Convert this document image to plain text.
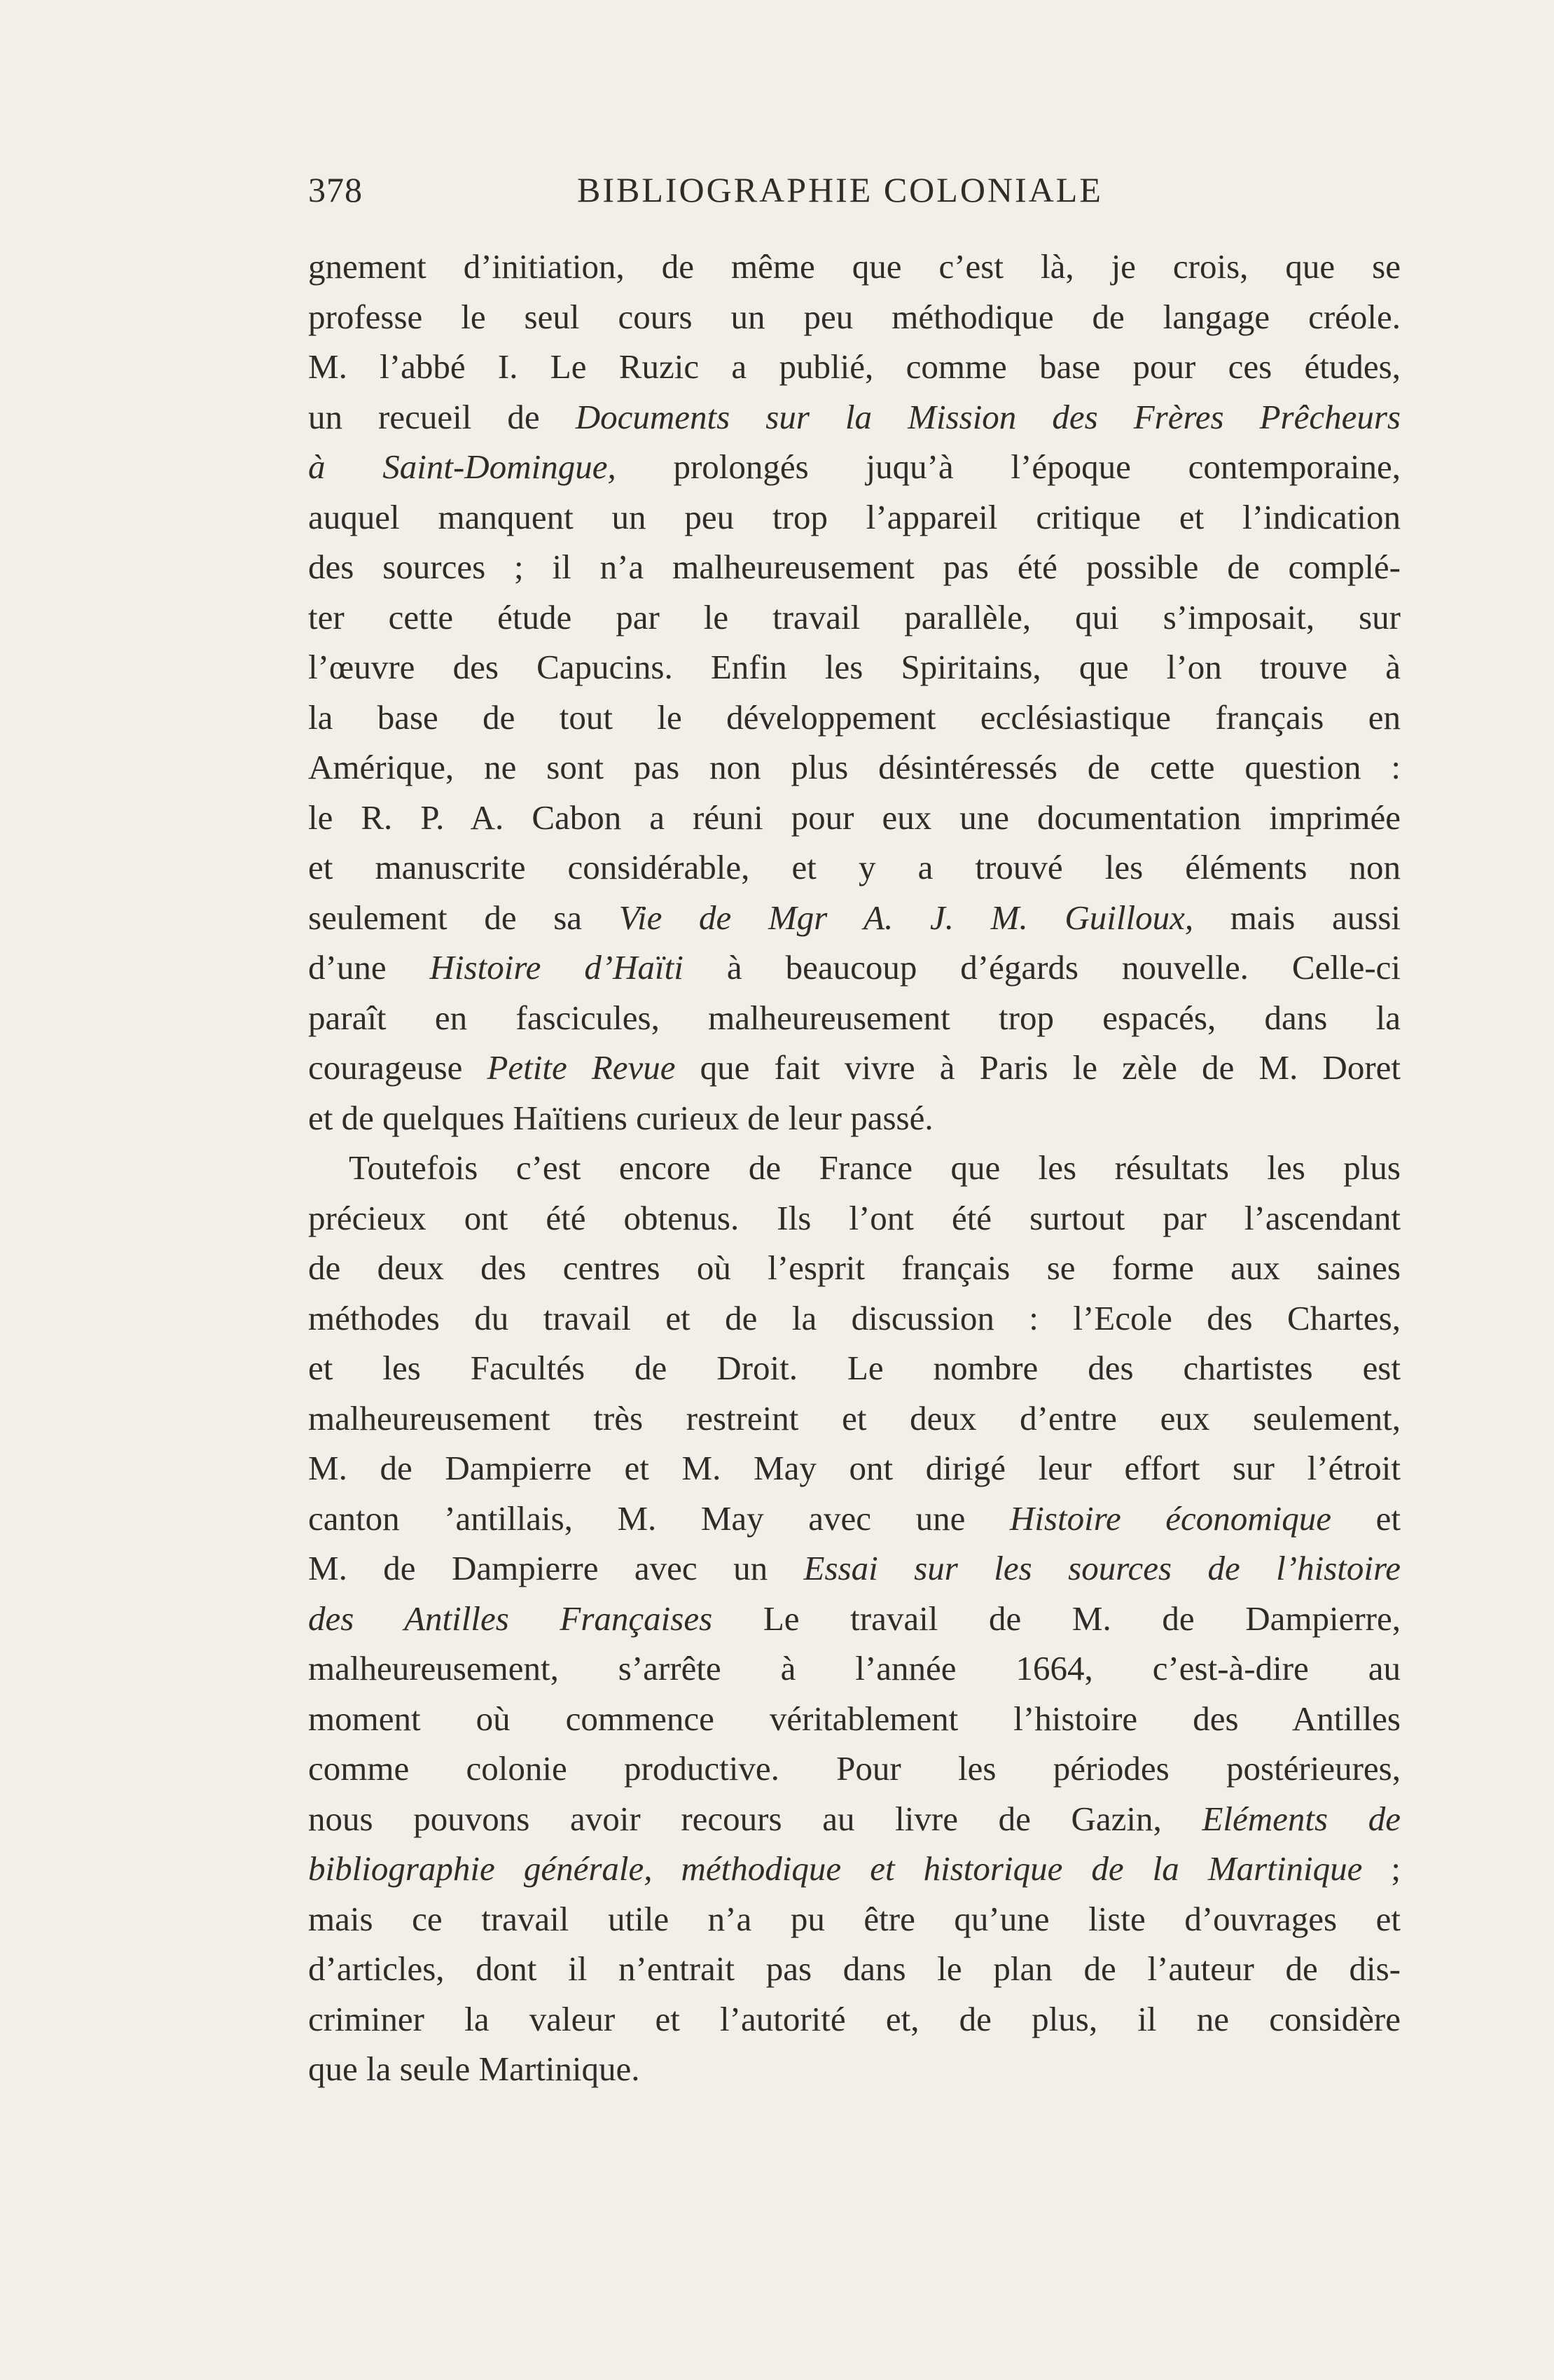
378	BIBLIOGRAPHIE COLONIALE
gnement d’initiation, de même que c’est là, je crois, que se
professe le seul cours un peu méthodique de langage créole.
M. l’abbé I. Le Ruzic a publié, comme base pour ces études,
un recueil de Documents sur la Mission des Frères Prêcheurs
à Saint-Domingue, prolongés juqu’à l’époque contemporaine,
auquel manquent un peu trop l’appareil critique et l’indication
des sources ; il n’a malheureusement pas été possible de complé-
ter cette étude par le travail parallèle, qui s’imposait, sur
l’œuvre des Capucins. Enfin les Spiritains, que l’on trouve à
la base de tout le développement ecclésiastique français en
Amérique, ne sont pas non plus désintéressés de cette question :
le R. P. A. Cabon a réuni pour eux une documentation imprimée
et manuscrite considérable, et y a trouvé les éléments non
seulement de sa Vie de Mgr A. J. M. Guilloux, mais aussi
d’une Histoire d’Haïti à beaucoup d’égards nouvelle. Celle-ci
paraît en fascicules, malheureusement trop espacés, dans la
courageuse Petite Revue que fait vivre à Paris le zèle de M. Doret
et de quelques Haïtiens curieux de leur passé.
Toutefois c’est encore de France que les résultats les plus
précieux ont été obtenus. Ils l’ont été surtout par l’ascendant
de deux des centres où l’esprit français se forme aux saines
méthodes du travail et de la discussion : l’Ecole des Chartes,
et les Facultés de Droit. Le nombre des chartistes est
malheureusement très restreint et deux d’entre eux seulement,
M. de Dampierre et M. May ont dirigé leur effort sur l’étroit
canton ’antillais, M. May avec une Histoire économique et
M. de Dampierre avec un Essai sur les sources de l’histoire
des Antilles Françaises Le travail de M. de Dampierre,
malheureusement, s’arrête à l’année 1664, c’est-à-dire au
moment où commence véritablement l’histoire des Antilles
comme colonie productive. Pour les périodes postérieures,
nous pouvons avoir recours au livre de Gazin, Eléments de
bibliographie générale, méthodique et historique de la Martinique ;
mais ce travail utile n’a pu être qu’une liste d’ouvrages et
d’articles, dont il n’entrait pas dans le plan de l’auteur de dis-
criminer la valeur et l’autorité et, de plus, il ne considère
que la seule Martinique.
